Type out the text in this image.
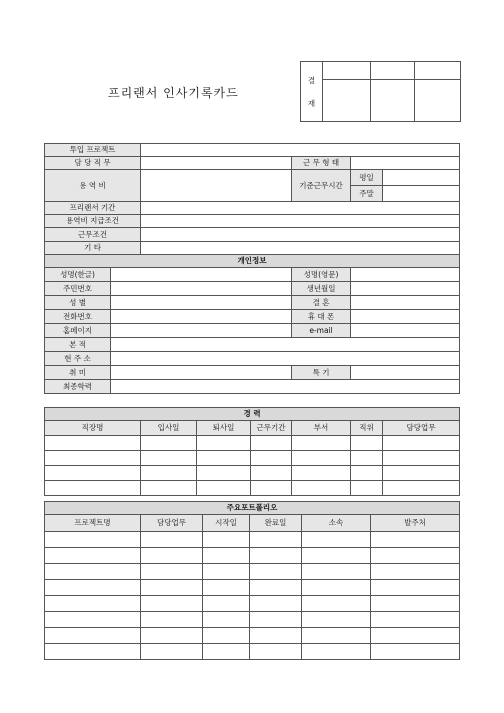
프리랜서 인사기록카드
결
재			

투입 프로젝트					
담 당 직 무			근 무 형 태		
용 역 비			기준근무시간	평일	
				주말	
프리랜서 기간					
용역비 지급조건					
근무조건					
기 타					
개인정보					
성명(한글)			성명(영문)		
주민번호			생년월일		
성 별			결 혼		
전화번호			휴 대 폰		
홈페이지			e-mail		
본 적					
현 주 소					
취 미			특 기		
최종학력					
경 력						
직장명	입사일	퇴사일	근무기간	부서	직위	담당업무

주요포트폴리오					
프로젝트명	담당업무	시작일	완료일	소속	발주처
